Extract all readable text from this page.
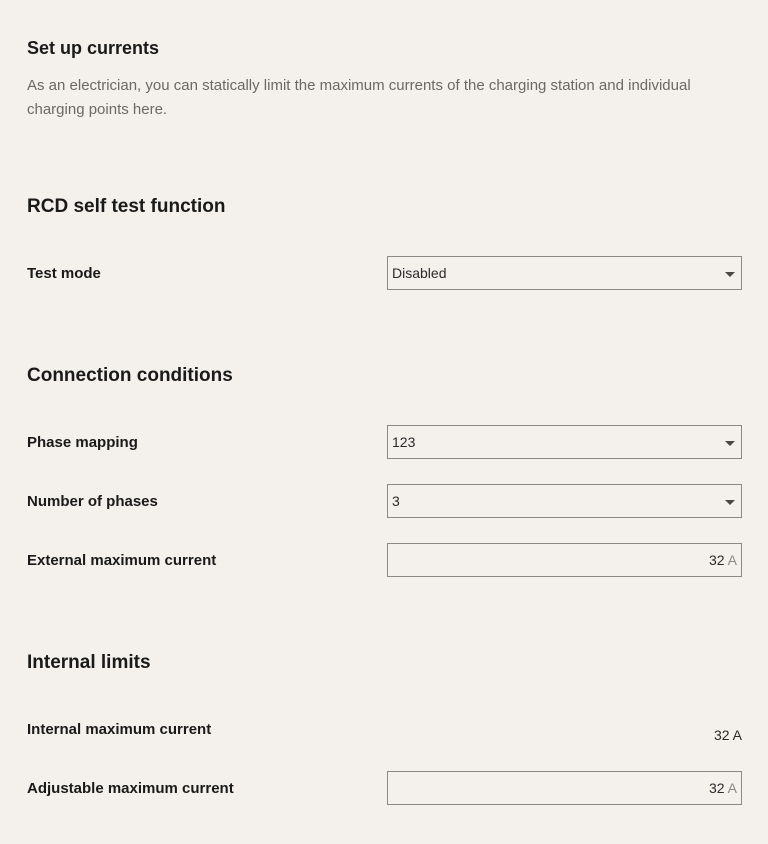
Set up currents

As an electrician, you can statically limit the maximum currents of the charging station and individual charging points here.

RCD self test function
Test mode	Disabled
Connection conditions
Phase mapping	123
Number of phases	3
External maximum current	32 A
Internal limits
Internal maximum current	32 A
Adjustable maximum current	32 A
